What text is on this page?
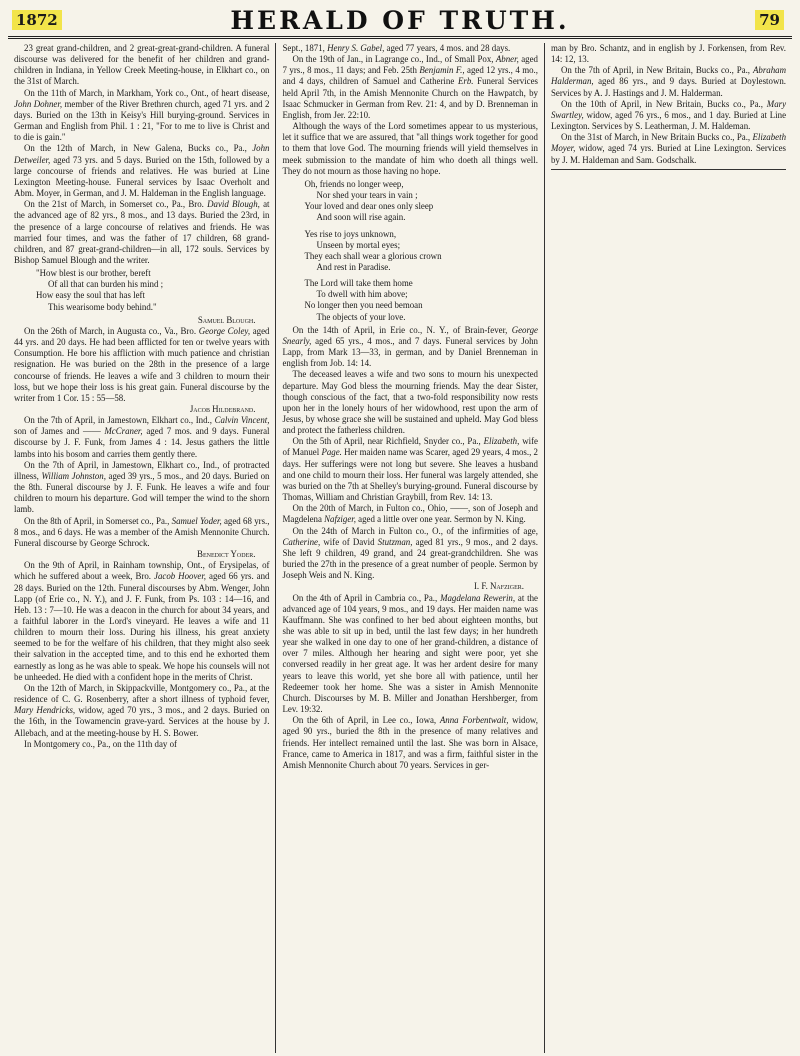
1872	HERALD OF TRUTH.	79

23 great grand-children, and 2 great-great-grand-children. A funeral discourse was delivered for the benefit of her children and grand-children in Indiana, in Yellow Creek Meeting-house, in Elkhart co., on the 31st of March.

On the 11th of March, in Markham, York co., Ont., of heart disease, John Dohner, member of the River Brethren church, aged 71 yrs. and 2 days. Buried on the 13th in Keisy's Hill burying-ground. Services in German and English from Phil. 1 : 21, "For to me to live is Christ and to die is gain."

On the 12th of March, in New Galena, Bucks co., Pa., John Detweiler, aged 73 yrs. and 5 days. Buried on the 15th, followed by a large concourse of friends and relatives. He was buried at Line Lexington Meeting-house. Funeral services by Isaac Overholt and Abm. Moyer, in German, and J. M. Haldeman in the English language.

On the 21st of March, in Somerset co., Pa., Bro. David Blough, at the advanced age of 82 yrs., 8 mos., and 13 days. Buried the 23rd, in the presence of a large concourse of relatives and friends. He was married four times, and was the father of 17 children, 68 grand-children, and 87 great-grand-children—in all, 172 souls. Services by Bishop Samuel Blough and the writer.

"How blest is our brother, bereft
Of all that can burden his mind ;
How easy the soul that has left
This wearisome body behind."

Samuel Blough.

On the 26th of March, in Augusta co., Va., Bro. George Coley, aged 44 yrs. and 20 days. He had been afflicted for ten or twelve years with Consumption. He bore his affliction with much patience and christian resignation. He was buried on the 28th in the presence of a large concourse of friends. He leaves a wife and 3 children to mourn their loss, but we hope their loss is his great gain. Funeral discourse by the writer from 1 Cor. 15 : 55—58.

Jacob Hildebrand.

On the 7th of April, in Jamestown, Elkhart co., Ind., Calvin Vincent, son of James and —— McCraner, aged 7 mos. and 9 days. Funeral discourse by J. F. Funk, from James 4 : 14. Jesus gathers the little lambs into his bosom and carries them gently there.

On the 7th of April, in Jamestown, Elkhart co., Ind., of protracted illness, William Johnston, aged 39 yrs., 5 mos., and 20 days. Buried on the 8th. Funeral discourse by J. F. Funk. He leaves a wife and four children to mourn his departure. God will temper the wind to the shorn lamb.

On the 8th of April, in Somerset co., Pa., Samuel Yoder, aged 68 yrs., 8 mos., and 6 days. He was a member of the Amish Mennonite Church. Funeral discourse by George Schrock.

Benedict Yoder.

On the 9th of April, in Rainham township, Ont., of Erysipelas, of which he suffered about a week, Bro. Jacob Hoover, aged 66 yrs. and 28 days. Buried on the 12th. Funeral discourses by Abm. Wenger, John Lapp (of Erie co., N. Y.), and J. F. Funk, from Ps. 103 : 14—16, and Heb. 13 : 7—10. He was a deacon in the church for about 34 years, and a faithful laborer in the Lord's vineyard. He leaves a wife and 11 children to mourn their loss. During his illness, his great anxiety seemed to be for the welfare of his children, that they might also seek their salvation in the accepted time, and to this end he exhorted them earnestly as long as he was able to speak. We hope his counsels will not be unheeded. He died with a confident hope in the merits of Christ.

On the 12th of March, in Skippackville, Montgomery co., Pa., at the residence of C. G. Rosenberry, after a short illness of typhoid fever, Mary Hendricks, widow, aged 70 yrs., 3 mos., and 2 days. Buried on the 16th, in the Towamencin grave-yard. Services at the house by J. Allebach, and at the meeting-house by H. S. Bower.

In Montgomery co., Pa., on the 11th day of

Sept., 1871, Henry S. Gabel, aged 77 years, 4 mos. and 28 days.

On the 19th of Jan., in Lagrange co., Ind., of Small Pox, Abner, aged 7 yrs., 8 mos., 11 days; and Feb. 25th Benjamin F., aged 12 yrs., 4 mo., and 4 days, children of Samuel and Catherine Erb. Funeral Services held April 7th, in the Amish Mennonite Church on the Hawpatch, by Isaac Schmucker in German from Rev. 21: 4, and by D. Brenneman in English, from Jer. 22:10.

Although the ways of the Lord sometimes appear to us mysterious, let it suffice that we are assured, that "all things work together for good to them that love God. The mourning friends will yield themselves in meek submission to the mandate of him who doeth all things well. They do not mourn as those having no hope.

Oh, friends no longer weep,
Nor shed your tears in vain ;
Your loved and dear ones only sleep
And soon will rise again.
Yes rise to joys unknown,
Unseen by mortal eyes;
They each shall wear a glorious crown
And rest in Paradise.
The Lord will take them home
To dwell with him above;
No longer then you need bemoan
The objects of your love.

On the 14th of April, in Erie co., N. Y., of Brain-fever, George Snearly, aged 65 yrs., 4 mos., and 7 days. Funeral services by John Lapp, from Mark 13—33, in german, and by Daniel Brenneman in english from Job. 14: 14.

The deceased leaves a wife and two sons to mourn his unexpected departure. May God bless the mourning friends. May the dear Sister, though conscious of the fact, that a two-fold responsibility now rests upon her in the lonely hours of her widowhood, rest upon the arm of Jesus, by whose grace she will be sustained and upheld. May God bless and protect the fatherless children.

On the 5th of April, near Richfield, Snyder co., Pa., Elizabeth, wife of Manuel Page. Her maiden name was Scarer, aged 29 years, 4 mos., 2 days. Her sufferings were not long but severe. She leaves a husband and one child to mourn their loss. Her funeral was largely attended, she was buried on the 7th at Shelley's burying-ground. Funeral discourse by Thomas, William and Christian Graybill, from Rev. 14: 13.

On the 20th of March, in Fulton co., Ohio, ——, son of Joseph and Magdelena Nafziger, aged a little over one year. Sermon by N. King.

On the 24th of March in Fulton co., O., of the infirmities of age, Catherine, wife of David Stutzman, aged 81 yrs., 9 mos., and 2 days. She left 9 children, 49 grand, and 24 great-grandchildren. She was buried the 27th in the presence of a great number of people. Sermon by Joseph Weis and N. King.

I. F. Nafziger.

On the 4th of April in Cambria co., Pa., Magdelana Rewerin, at the advanced age of 104 years, 9 mos., and 19 days. Her maiden name was Kauffmann. She was confined to her bed about eighteen months, but she was able to sit up in bed, until the last few days; in her hundreth year she walked in one day to one of her grand-children, a distance of over 7 miles. Although her hearing and sight were poor, yet she conversed readily in her great age. It was her ardent desire for many years to leave this world, yet she bore all with patience, until her Redeemer took her home. She was a sister in Amish Mennonite Church. Discourses by M. B. Miller and Jonathan Hershberger, from Lev. 19:32.

On the 6th of April, in Lee co., Iowa, Anna Forbentwalt, widow, aged 90 yrs., buried the 8th in the presence of many relatives and friends. Her intellect remained until the last. She was born in Alsace, France, came to America in 1817, and was a firm, faithful sister in the Amish Mennonite Church about 70 years. Services in ger-

man by Bro. Schantz, and in english by J. Forkensen, from Rev. 14: 12, 13.

On the 7th of April, in New Britain, Bucks co., Pa., Abraham Halderman, aged 86 yrs., and 9 days. Buried at Doylestown. Services by A. J. Hastings and J. M. Halderman.

On the 10th of April, in New Britain, Bucks co., Pa., Mary Swartley, widow, aged 76 yrs., 6 mos., and 1 day. Buried at Line Lexington. Services by S. Leatherman, J. M. Haldeman.

On the 31st of March, in New Britain Bucks co., Pa., Elizabeth Moyer, widow, aged 74 yrs. Buried at Line Lexington. Services by J. M. Haldeman and Sam. Godschalk.
